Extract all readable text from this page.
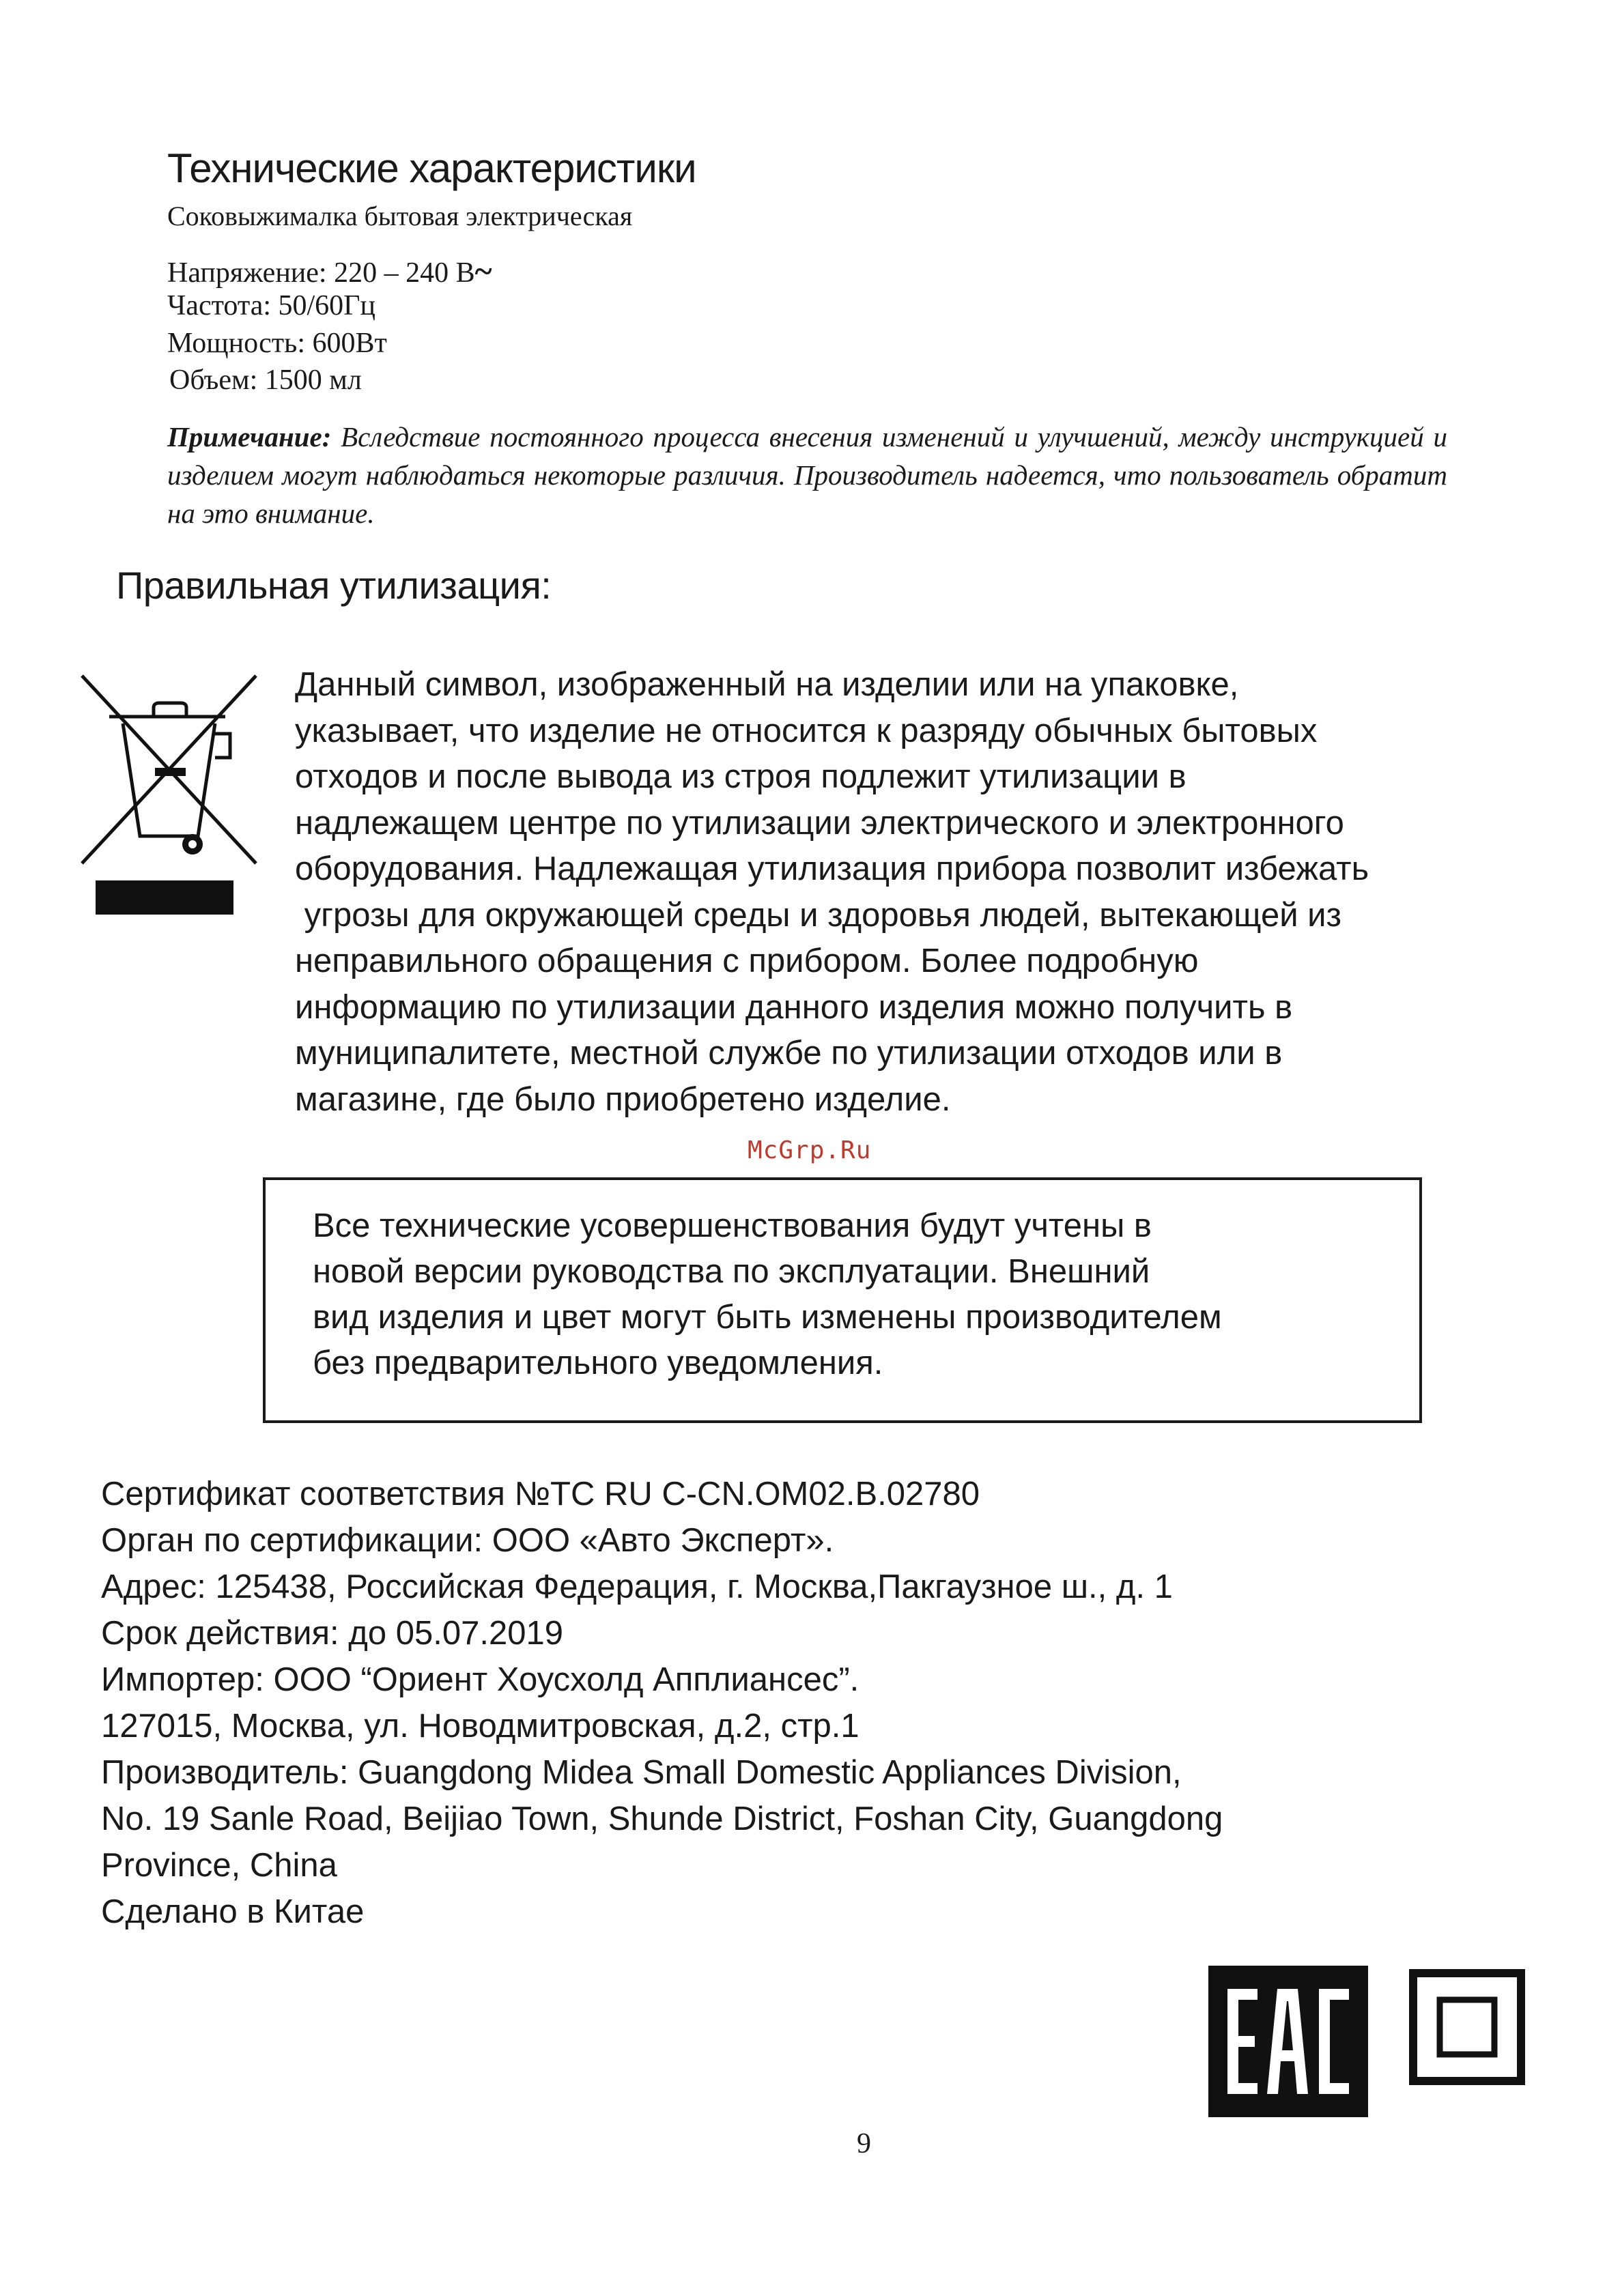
Технические характеристики
Соковыжималка бытовая электрическая
Напряжение: 220 – 240 В~
Частота: 50/60Гц
Мощность: 600Вт
Объем: 1500 мл
Примечание: Вследствие постоянного процесса внесения изменений и улучшений, между инструкцией и изделием могут наблюдаться некоторые различия. Производитель надеется, что пользователь обратит на это внимание.
Правильная утилизация:
Данный символ, изображенный на изделии или на упаковке,
указывает, что изделие не относится к разряду обычных бытовых
отходов и после вывода из строя подлежит утилизации в
надлежащем центре по утилизации электрического и электронного
оборудования. Надлежащая утилизация прибора позволит избежать
угрозы для окружающей среды и здоровья людей, вытекающей из
неправильного обращения с прибором. Более подробную
информацию по утилизации данного изделия можно получить в
муниципалитете, местной службе по утилизации отходов или в
магазине, где было приобретено изделие.
McGrp.Ru
Все технические усовершенствования будут учтены в
новой версии руководства по эксплуатации. Внешний
вид изделия и цвет могут быть изменены производителем
без предварительного уведомления.
Сертификат соответствия №ТС RU C-CN.ОМ02.В.02780
Орган по сертификации: ООО «Авто Эксперт».
Адрес: 125438, Российская Федерация, г. Москва,Пакгаузное ш., д. 1
Срок действия: до 05.07.2019
Импортер: ООО “Ориент Хоусхолд Апплиансес”.
127015, Москва, ул. Новодмитровская, д.2, стр.1
Производитель: Guangdong Midea Small Domestic Appliances Division,
No. 19 Sanle Road, Beijiao Town, Shunde District, Foshan City, Guangdong
Province, China
Сделано в Китае
9
